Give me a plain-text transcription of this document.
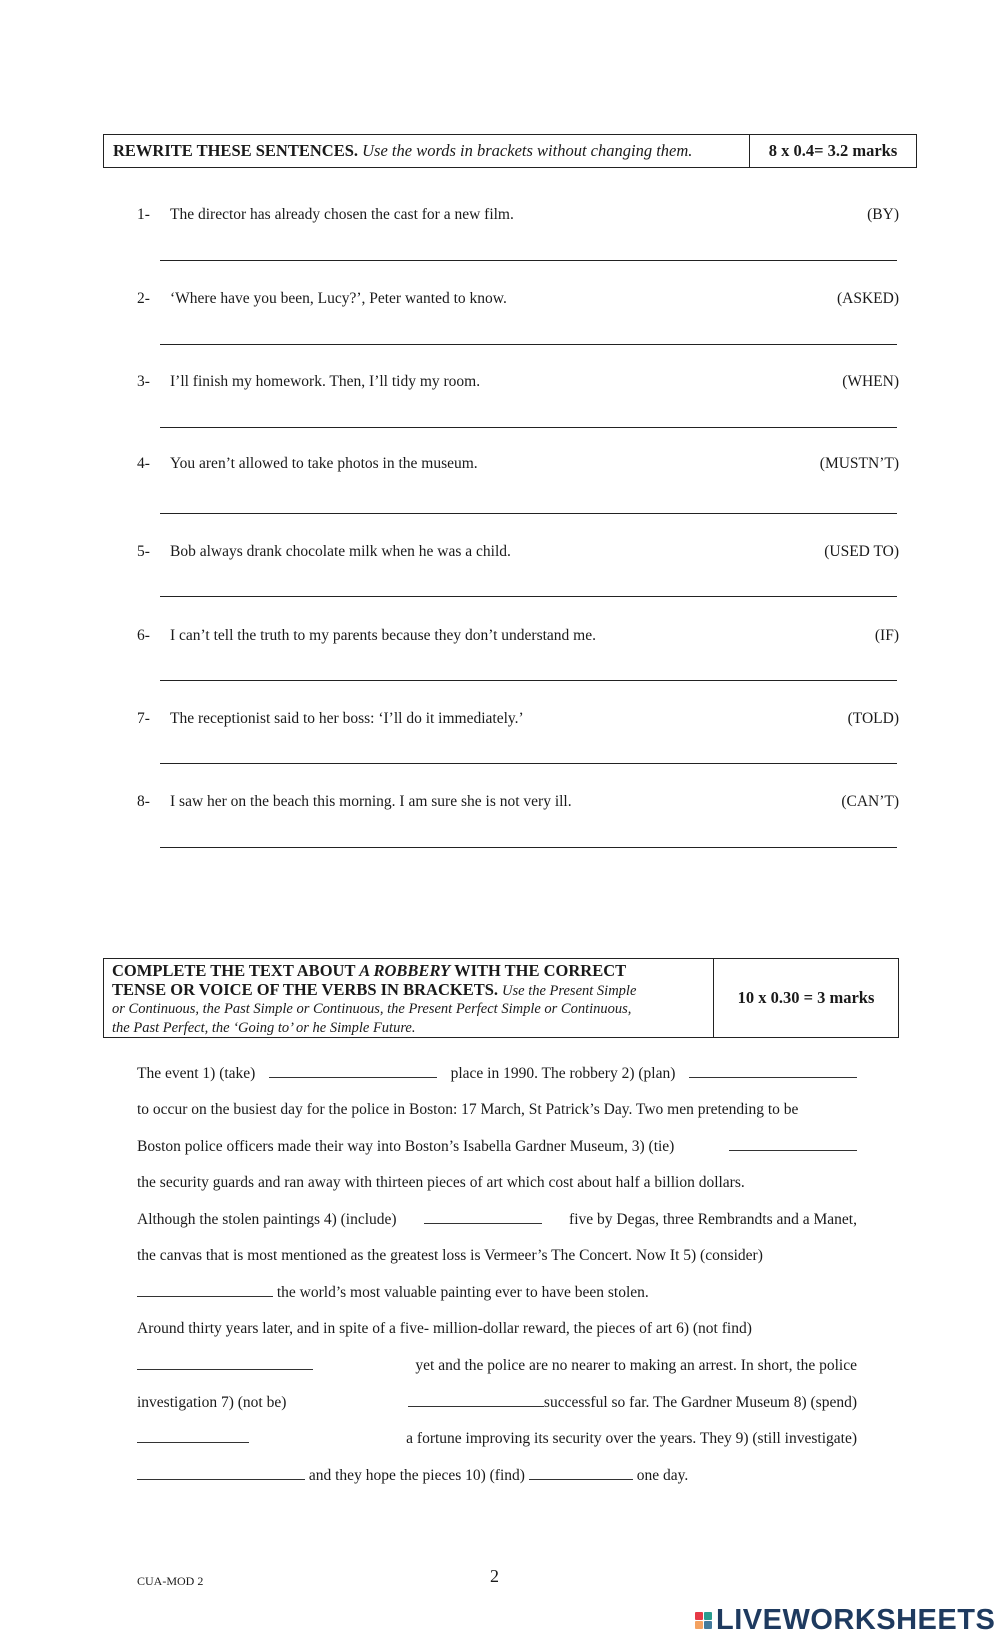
REWRITE THESE SENTENCES.
Use the words in brackets without changing them.	8 x 0.4= 3.2 marks
1- The director has already chosen the cast for a new film.	(BY)
2- ‘Where have you been, Lucy?’, Peter wanted to know.	(ASKED)
3- I’ll finish my homework. Then, I’ll tidy my room.	(WHEN)
4- You aren’t allowed to take photos in the museum.	(MUSTN’T)
5- Bob always drank chocolate milk when he was a child.	(USED TO)
6- I can’t tell the truth to my parents because they don’t understand me.	(IF)
7- The receptionist said to her boss: ‘I’ll do it immediately.’	(TOLD)
8- I saw her on the beach this morning. I am sure she is not very ill.	(CAN’T)
COMPLETE THE TEXT ABOUT A ROBBERY WITH THE CORRECT
TENSE OR VOICE OF THE VERBS IN BRACKETS. Use the Present Simple
or Continuous, the Past Simple or Continuous, the Present Perfect Simple or Continuous,
the Past Perfect, the ‘Going to’ or he Simple Future.
10 x 0.30 = 3 marks
The event 1) (take)	place in 1990. The robbery 2) (plan)
to occur on the busiest day for the police in Boston: 17 March, St Patrick’s Day. Two men pretending to be
Boston police officers made their way into Boston’s Isabella Gardner Museum, 3) (tie)
the security guards and ran away with thirteen pieces of art which cost about half a billion dollars.
Although the stolen paintings 4) (include)	five by Degas, three Rembrandts and a Manet,
the canvas that is most mentioned as the greatest loss is Vermeer’s The Concert. Now It 5) (consider)
the world’s most valuable painting ever to have been stolen.
Around thirty years later, and in spite of a five- million-dollar reward, the pieces of art 6) (not find)
yet and the police are no nearer to making an arrest. In short, the police
investigation 7) (not be)	successful so far. The Gardner Museum 8) (spend)
a fortune improving its security over the years. They 9) (still investigate)
and they hope the pieces 10) (find)	one day.
CUA-MOD 2	2
LIVEWORKSHEETS
